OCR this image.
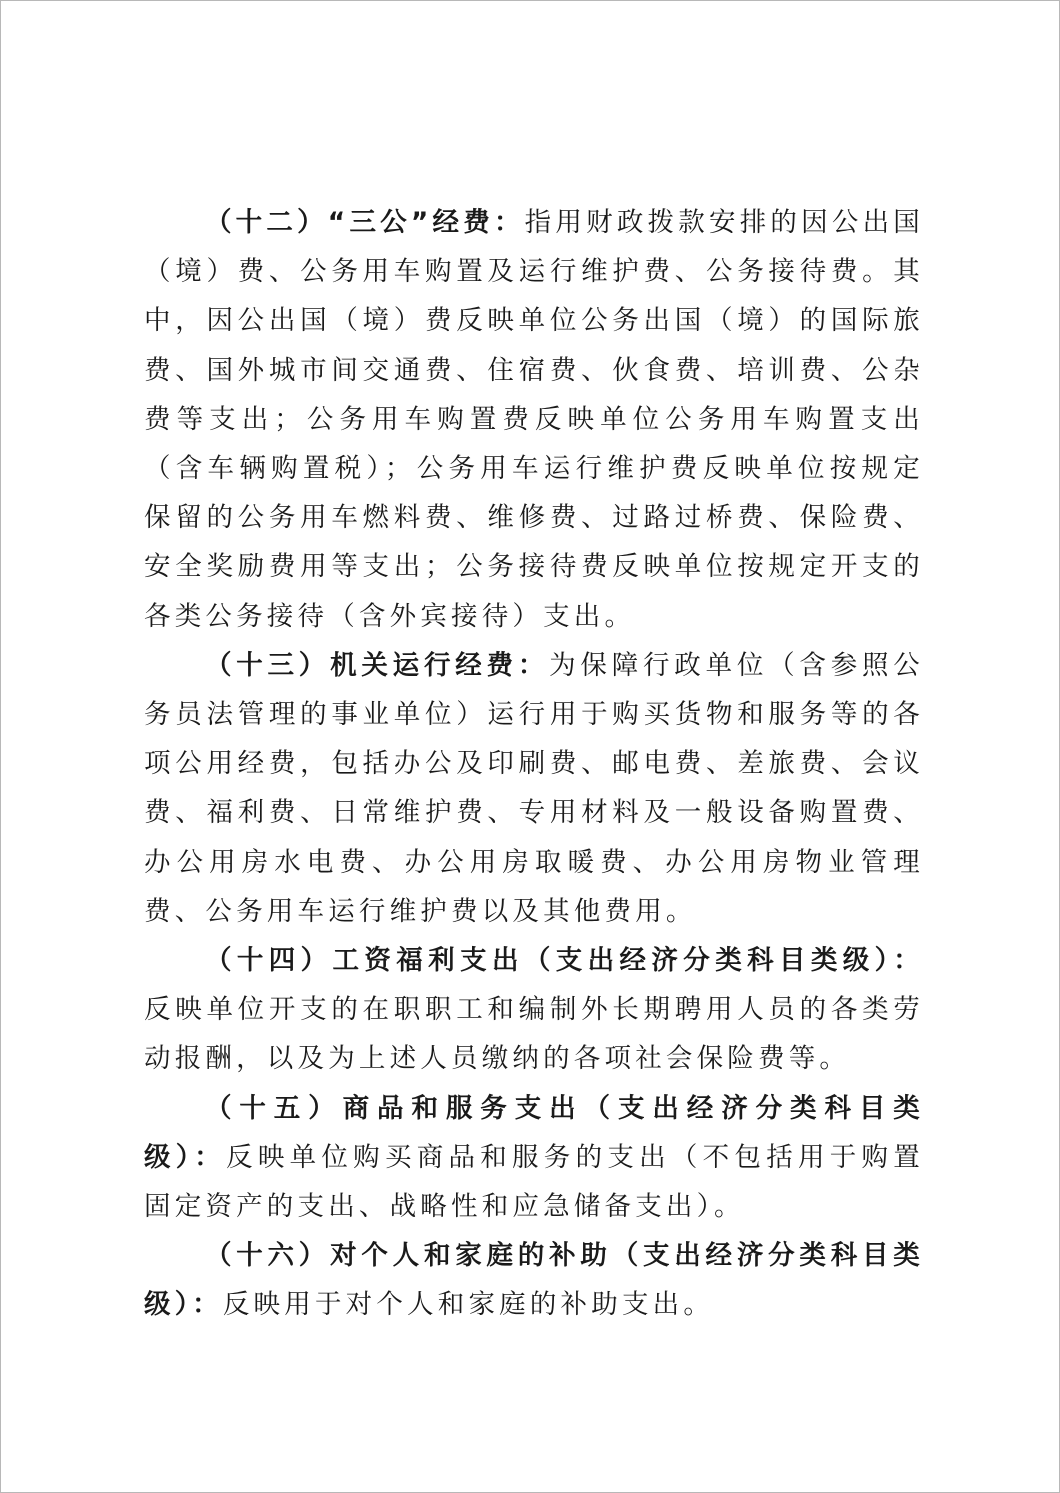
（十二）“三公”经费：指用财政拨款安排的因公出国（境）费、公务用车购置及运行维护费、公务接待费。其中，因公出国（境）费反映单位公务出国（境）的国际旅费、国外城市间交通费、住宿费、伙食费、培训费、公杂费等支出；公务用车购置费反映单位公务用车购置支出（含车辆购置税）；公务用车运行维护费反映单位按规定保留的公务用车燃料费、维修费、过路过桥费、保险费、安全奖励费用等支出；公务接待费反映单位按规定开支的各类公务接待（含外宾接待）支出。

（十三）机关运行经费：为保障行政单位（含参照公务员法管理的事业单位）运行用于购买货物和服务等的各项公用经费，包括办公及印刷费、邮电费、差旅费、会议费、福利费、日常维护费、专用材料及一般设备购置费、办公用房水电费、办公用房取暖费、办公用房物业管理费、公务用车运行维护费以及其他费用。

（十四）工资福利支出（支出经济分类科目类级）：反映单位开支的在职职工和编制外长期聘用人员的各类劳动报酬，以及为上述人员缴纳的各项社会保险费等。

（十五）商品和服务支出（支出经济分类科目类级）：反映单位购买商品和服务的支出（不包括用于购置固定资产的支出、战略性和应急储备支出）。

（十六）对个人和家庭的补助（支出经济分类科目类级）：反映用于对个人和家庭的补助支出。
